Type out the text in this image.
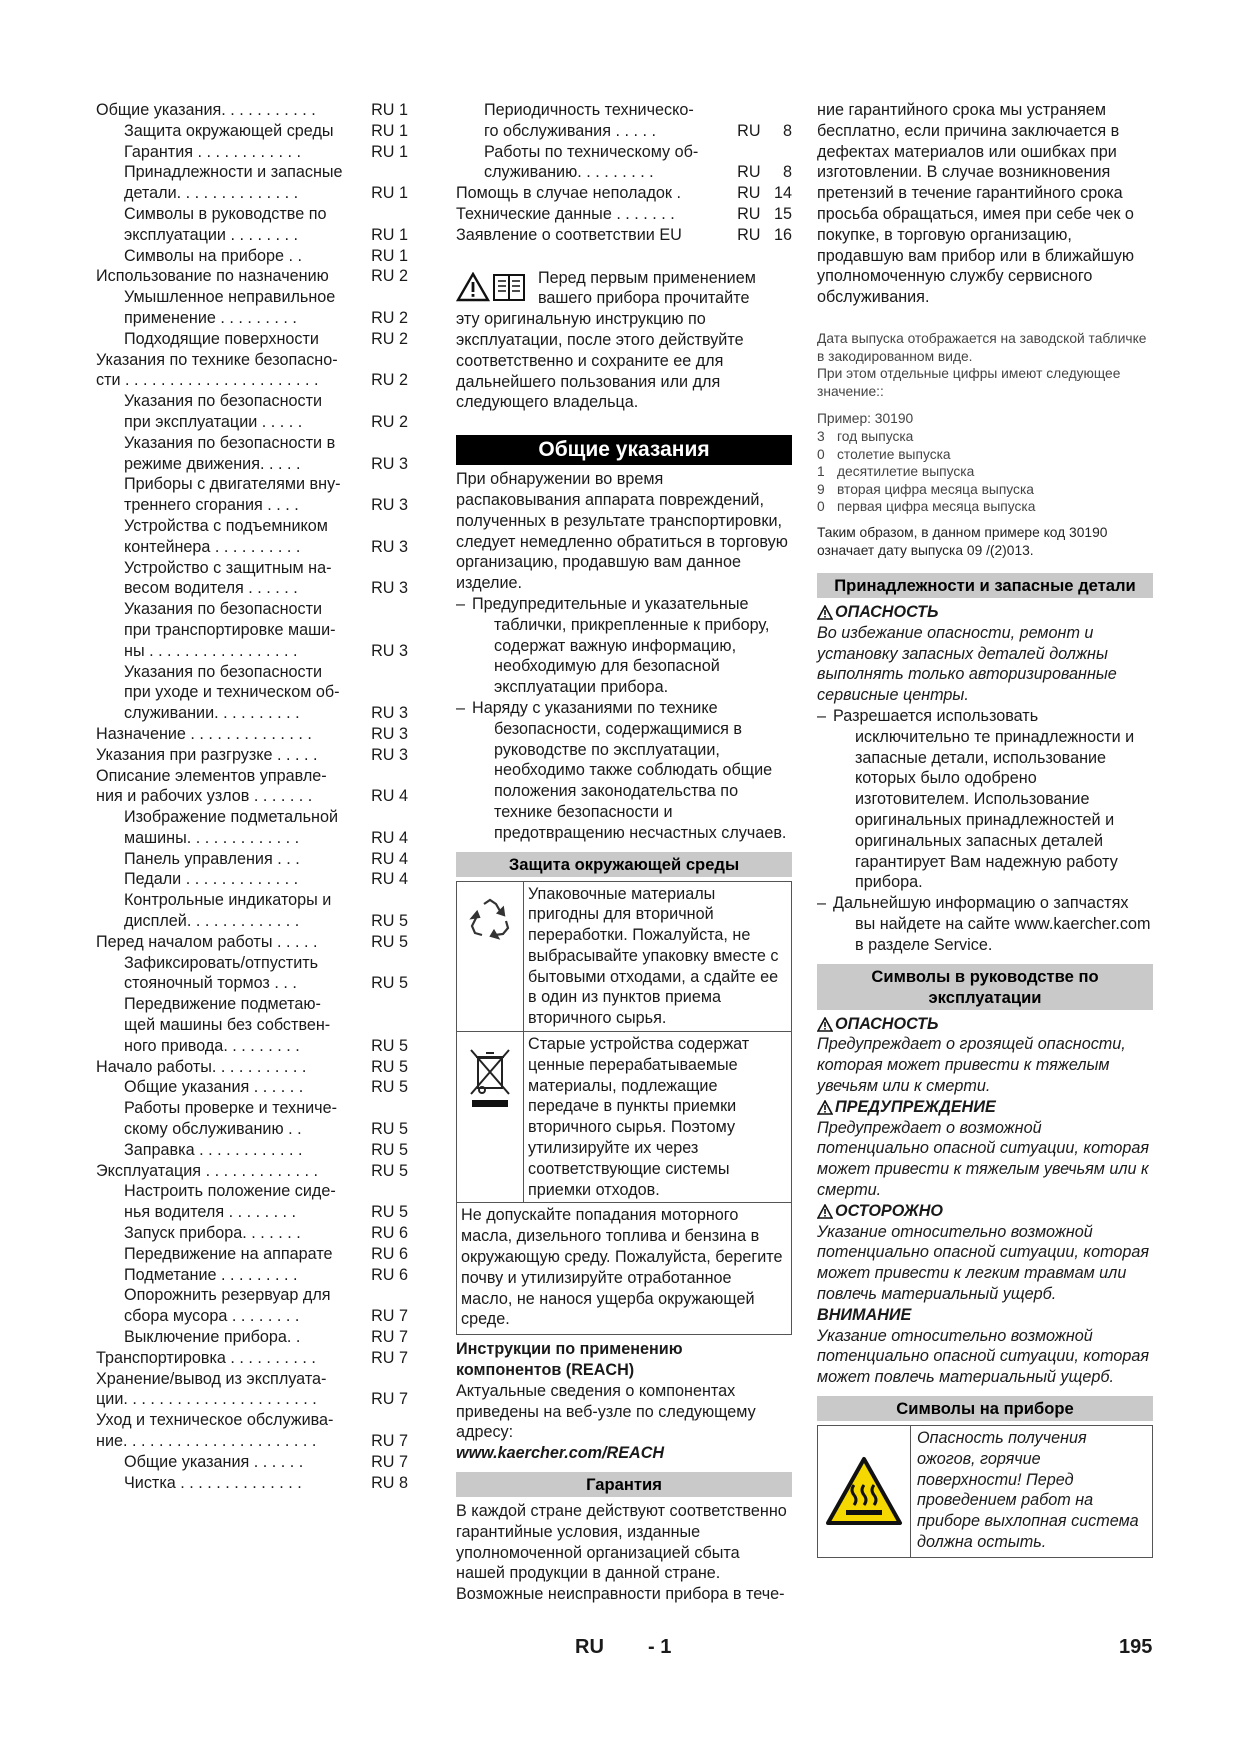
Общие указания. . . . . . . . . . .	RU 1
Защита окружающей среды	RU 1
Гарантия . . . . . . . . . . . .	RU 1
Принадлежности и запасные
детали. . . . . . . . . . . . . .	RU 1
Символы в руководстве по
эксплуатации . . . . . . . .	RU 1
Символы на приборе . .	RU 1
Использование по назначению	RU 2
Умышленное неправильное
применение . . . . . . . . .	RU 2
Подходящие поверхности	RU 2
Указания по технике безопасно-
сти . . . . . . . . . . . . . . . . . . . . . .	RU 2
Указания по безопасности
при эксплуатации . . . . .	RU 2
Указания по безопасности в
режиме движения. . . . .	RU 3
Приборы с двигателями вну-
треннего сгорания . . . .	RU 3
Устройства с подъемником
контейнера . . . . . . . . . .	RU 3
Устройство с защитным на-
весом водителя . . . . . .	RU 3
Указания по безопасности
при транспортировке маши-
ны . . . . . . . . . . . . . . . . .	RU 3
Указания по безопасности
при уходе и техническом об-
служивании. . . . . . . . . .	RU 3
Назначение . . . . . . . . . . . . . .	RU 3
Указания при разгрузке . . . . .	RU 3
Описание элементов управле-
ния и рабочих узлов . . . . . . .	RU 4
Изображение подметальной
машины. . . . . . . . . . . . .	RU 4
Панель управления . . .	RU 4
Педали . . . . . . . . . . . . .	RU 4
Контрольные индикаторы и
дисплей. . . . . . . . . . . . .	RU 5
Перед началом работы . . . . .	RU 5
Зафиксировать/отпустить
стояночный тормоз . . .	RU 5
Передвижение подметаю-
щей машины без собствен-
ного привода. . . . . . . . .	RU 5
Начало работы. . . . . . . . . . .	RU 5
Общие указания . . . . . .	RU 5
Работы проверке и техниче-
скому обслуживанию . .	RU 5
Заправка . . . . . . . . . . . .	RU 5
Эксплуатация . . . . . . . . . . . . .	RU 5
Настроить положение сиде-
нья водителя . . . . . . . .	RU 5
Запуск прибора. . . . . . .	RU 6
Передвижение на аппарате	RU 6
Подметание . . . . . . . . .	RU 6
Опорожнить резервуар для
сбора мусора . . . . . . . .	RU 7
Выключение прибора. .	RU 7
Транспортировка . . . . . . . . . .	RU 7
Хранение/вывод из эксплуата-
ции. . . . . . . . . . . . . . . . . . . . . .	RU 7
Уход и техническое обслужива-
ние. . . . . . . . . . . . . . . . . . . . . .	RU 7
Общие указания . . . . . .	RU 7
Чистка . . . . . . . . . . . . . .	RU 8
Периодичность техническо-
го обслуживания . . . . .	RU     8
Работы по техническому об-
служиванию. . . . . . . . .	RU     8
Помощь в случае неполадок .	RU   14
Технические данные . . . . . . .	RU   15
Заявление о соответствии EU	RU   16
Перед первым применением вашего прибора прочитайте

эту оригинальную инструкцию по эксплуатации, после этого действуйте соответственно и сохраните ее для дальнейшего пользования или для следующего владельца.

Общие указания

При обнаружении во время распаковывания аппарата повреждений, полученных в результате транспортировки, следует немедленно обратиться в торговую организацию, продавшую вам данное изделие.

– Предупредительные и указательные таблички, прикрепленные к прибору, содержат важную информацию, необходимую для безопасной эксплуатации прибора.
– Наряду с указаниями по технике безопасности, содержащимися в руководстве по эксплуатации, необходимо также соблюдать общие положения законодательства по технике безопасности и предотвращению несчастных случаев.
Защита окружающей среды
Упаковочные материалы пригодны для вторичной переработки. Пожалуйста, не выбрасывайте упаковку вместе с бытовыми отходами, а сдайте ее в один из пунктов приема вторичного сырья.
Старые устройства содержат ценные перерабатываемые материалы, подлежащие передаче в пункты приемки вторичного сырья. Поэтому утилизируйте их через соответствующие системы приемки отходов.
Не допускайте попадания моторного масла, дизельного топлива и бензина в окружающую среду. Пожалуйста, берегите почву и утилизируйте отработанное масло, не нанося ущерба окружающей среде.
Инструкции по применению компонентов (REACH)

Актуальные сведения о компонентах приведены на веб-узле по следующему адресу:

www.kaercher.com/REACH
Гарантия

В каждой стране действуют соответственно гарантийные условия, изданные уполномоченной организацией сбыта нашей продукции в данной стране. Возможные неисправности прибора в тече-

ние гарантийного срока мы устраняем бесплатно, если причина заключается в дефектах материалов или ошибках при изготовлении. В случае возникновения претензий в течение гарантийного срока просьба обращаться, имея при себе чек о покупке, в торговую организацию, продавшую вам прибор или в ближайшую уполномоченную службу сервисного обслуживания.

Дата выпуска отображается на заводской табличке в закодированном виде.
При этом отдельные цифры имеют следующее значение::
Пример: 30190
3 год выпуска
0 столетие выпуска
1 десятилетие выпуска
9 вторая цифра месяца выпуска
0 первая цифра месяца выпуска
Таким образом, в данном примере код 30190 означает дату выпуска 09 /(2)013.
Принадлежности и запасные детали
ОПАСНОСТЬ

Во избежание опасности, ремонт и установку запасных деталей должны выполнять только авторизированные сервисные центры.

– Разрешается использовать исключительно те принадлежности и запасные детали, использование которых было одобрено изготовителем. Использование оригинальных принадлежностей и оригинальных запасных деталей гарантирует Вам надежную работу прибора.
– Дальнейшую информацию о запчастях вы найдете на сайте www.kaercher.com в разделе Service.
Символы в руководстве по эксплуатации
ОПАСНОСТЬ

Предупреждает о грозящей опасности, которая может привести к тяжелым увечьям или к смерти.

ПРЕДУПРЕЖДЕНИЕ

Предупреждает о возможной потенциально опасной ситуации, которая может привести к тяжелым увечьям или к смерти.

ОСТОРОЖНО

Указание относительно возможной потенциально опасной ситуации, которая может привести к легким травмам или повлечь материальный ущерб.

ВНИМАНИЕ

Указание относительно возможной потенциально опасной ситуации, которая может повлечь материальный ущерб.

Символы на приборе
Опасность получения ожогов, горячие поверхности! Перед проведением работ на приборе выхлопная система должна остыть.
RU - 1	195
